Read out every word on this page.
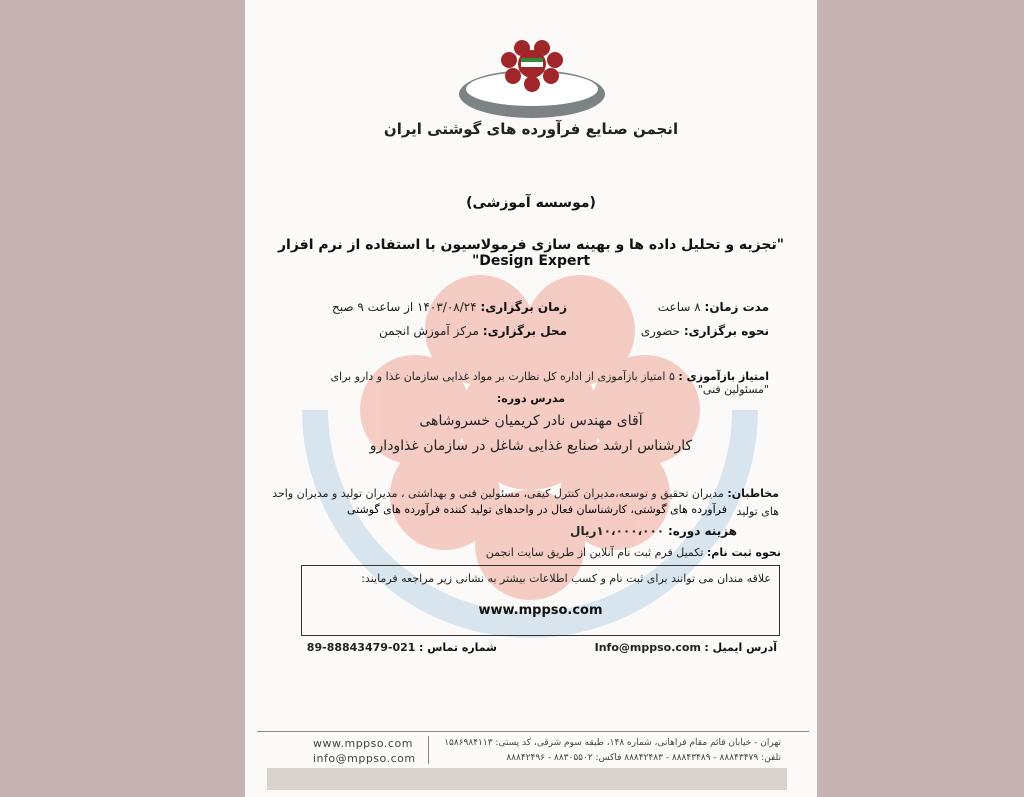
انجمن صنایع فرآورده های گوشتی ایران
(موسسه آموزشی)
"تجزیه و تحلیل داده ها و بهینه سازی فرمولاسیون با استفاده از نرم افزار Design Expert"
مدت زمان: ۸ ساعت
زمان برگزاری: ۱۴۰۳/۰۸/۲۴ از ساعت ۹ صبح
نحوه برگزاری: حضوری
محل برگزاری: مرکز آموزش انجمن
امتیاز بازآموزی : ۵ امتیاز بازآموزی از اداره کل نظارت بر مواد غذایی سازمان غذا و دارو برای "مسئولین فنی"
مدرس دوره:
آقای مهندس نادر کریمیان خسروشاهی
کارشناس ارشد صنایع غذایی شاغل در سازمان غذاودارو
مخاطبان: مدیران تحقیق و توسعه،مدیران کنترل کیفی، مسئولین فنی و بهداشتی ، مدیران تولید و مدیران واحد های تولید
فرآورده های گوشتی، کارشناسان فعال در واحدهای تولید کننده فرآورده های گوشتی
هزینه دوره: ۱۰،۰۰۰،۰۰۰ریال
نحوه ثبت نام: تکمیل فرم ثبت نام آنلاین از طریق سایت انجمن
علاقه مندان می توانند برای ثبت نام و کسب اطلاعات بیشتر به نشانی زیر مراجعه فرمایند:
www.mppso.com
آدرس ایمیل : Info@mppso.com
شماره تماس : 021-88843479-89
www.mppso.com
info@mppso.com
تهران - خیابان قائم مقام فراهانی، شماره ۱۴۸، طبقه سوم شرقی، کد پستی: ۱۵۸۶۹۸۴۱۱۳
تلفن: ۸۸۸۴۳۴۷۹ - ۸۸۸۴۳۴۸۹ - ۸۸۸۴۲۴۸۳ فاکس: ۸۸۳۰۵۵۰۲ - ۸۸۸۴۲۴۹۶
